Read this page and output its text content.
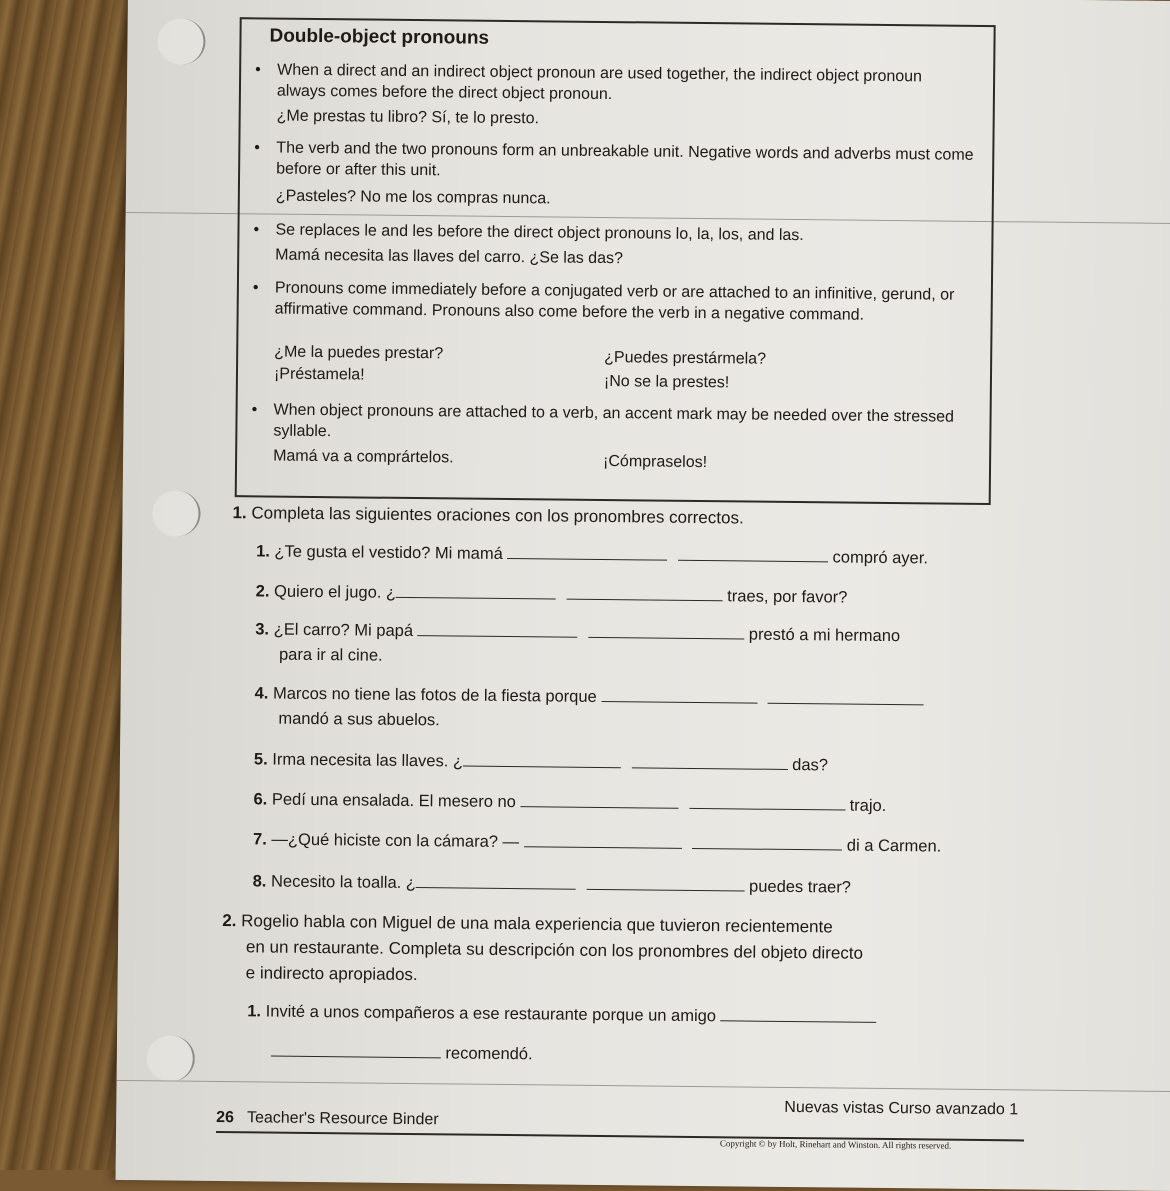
Double-object pronouns
• When a direct and an indirect object pronoun are used together, the indirect object pronoun always comes before the direct object pronoun.
¿Me prestas tu libro? Sí, te lo presto.
• The verb and the two pronouns form an unbreakable unit. Negative words and adverbs must come before or after this unit.
¿Pasteles? No me los compras nunca.
• Se replaces le and les before the direct object pronouns lo, la, los, and las.
Mamá necesita las llaves del carro. ¿Se las das?
• Pronouns come immediately before a conjugated verb or are attached to an infinitive, gerund, or affirmative command. Pronouns also come before the verb in a negative command.
¿Me la puedes prestar?	¿Puedes prestármela?
¡Préstamela!	¡No se la prestes!
• When object pronouns are attached to a verb, an accent mark may be needed over the stressed syllable.
Mamá va a comprártelos.	¡Cómpraselos!
1. Completa las siguientes oraciones con los pronombres correctos.
1. ¿Te gusta el vestido? Mi mamá	compró ayer.
2. Quiero el jugo. ¿	traes, por favor?
3. ¿El carro? Mi papá	prestó a mi hermano
para ir al cine.
4. Marcos no tiene las fotos de la fiesta porque
mandó a sus abuelos.
5. Irma necesita las llaves. ¿	das?
6. Pedí una ensalada. El mesero no	trajo.
7. —¿Qué hiciste con la cámara? —	di a Carmen.
8. Necesito la toalla. ¿	puedes traer?
2. Rogelio habla con Miguel de una mala experiencia que tuvieron recientemente
en un restaurante. Completa su descripción con los pronombres del objeto directo
e indirecto apropiados.
1. Invité a unos compañeros a ese restaurante porque un amigo
recomendó.
26 Teacher's Resource Binder
Nuevas vistas Curso avanzado 1
Copyright © by Holt, Rinehart and Winston. All rights reserved.
